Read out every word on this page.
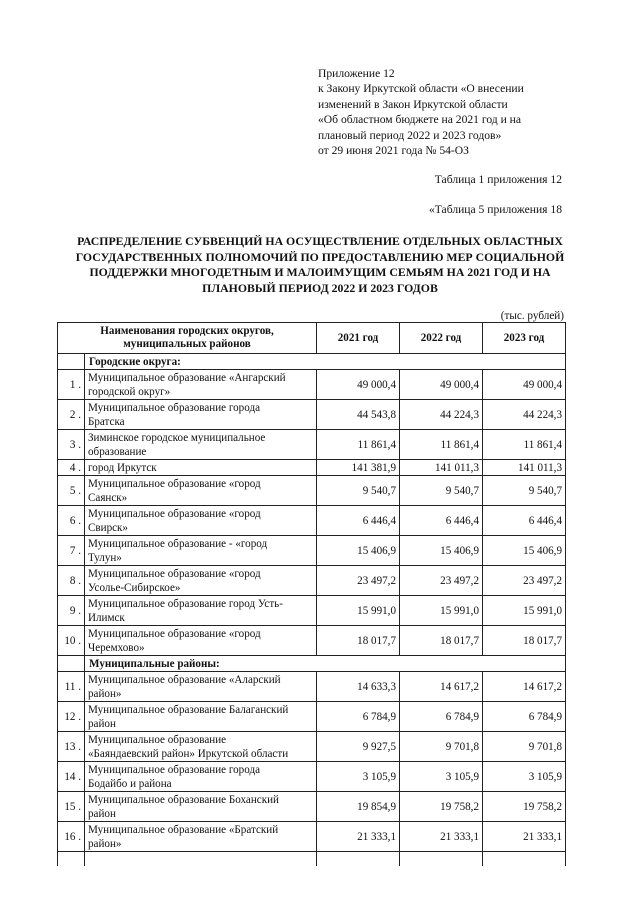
Приложение 12
к Закону Иркутской области «О внесении
изменений в Закон Иркутской области
«Об областном бюджете на 2021 год и на
плановый период 2022 и 2023 годов»
от 29 июня 2021 года № 54-ОЗ
Таблица 1 приложения 12
«Таблица 5 приложения 18
РАСПРЕДЕЛЕНИЕ СУБВЕНЦИЙ НА ОСУЩЕСТВЛЕНИЕ ОТДЕЛЬНЫХ ОБЛАСТНЫХ
ГОСУДАРСТВЕННЫХ ПОЛНОМОЧИЙ ПО ПРЕДОСТАВЛЕНИЮ МЕР СОЦИАЛЬНОЙ
ПОДДЕРЖКИ МНОГОДЕТНЫМ И МАЛОИМУЩИМ СЕМЬЯМ НА 2021 ГОД И НА
ПЛАНОВЫЙ ПЕРИОД 2022 И 2023 ГОДОВ
(тыс. рублей)
Наименования городских округов,
муниципальных районов		2021 год	2022 год	2023 год
	Городские округа:			
1 .	Муниципальное образование «Ангарский
городской округ»	49 000,4	49 000,4	49 000,4
2 .	Муниципальное образование города
Братска	44 543,8	44 224,3	44 224,3
3 .	Зиминское городское муниципальное
образование	11 861,4	11 861,4	11 861,4
4 .	город Иркутск	141 381,9	141 011,3	141 011,3
5 .	Муниципальное образование «город
Саянск»	9 540,7	9 540,7	9 540,7
6 .	Муниципальное образование «город
Свирск»	6 446,4	6 446,4	6 446,4
7 .	Муниципальное образование - «город
Тулун»	15 406,9	15 406,9	15 406,9
8 .	Муниципальное образование «город
Усолье-Сибирское»	23 497,2	23 497,2	23 497,2
9 .	Муниципальное образование город Усть-
Илимск	15 991,0	15 991,0	15 991,0
10 .	Муниципальное образование «город
Черемхово»	18 017,7	18 017,7	18 017,7
	Муниципальные районы:			
11 .	Муниципальное образование «Аларский
район»	14 633,3	14 617,2	14 617,2
12 .	Муниципальное образование Балаганский
район	6 784,9	6 784,9	6 784,9
13 .	Муниципальное образование
«Баяндаевский район» Иркутской области	9 927,5	9 701,8	9 701,8
14 .	Муниципальное образование города
Бодайбо и района	3 105,9	3 105,9	3 105,9
15 .	Муниципальное образование Боханский
район	19 854,9	19 758,2	19 758,2
16 .	Муниципальное образование «Братский
район»	21 333,1	21 333,1	21 333,1
